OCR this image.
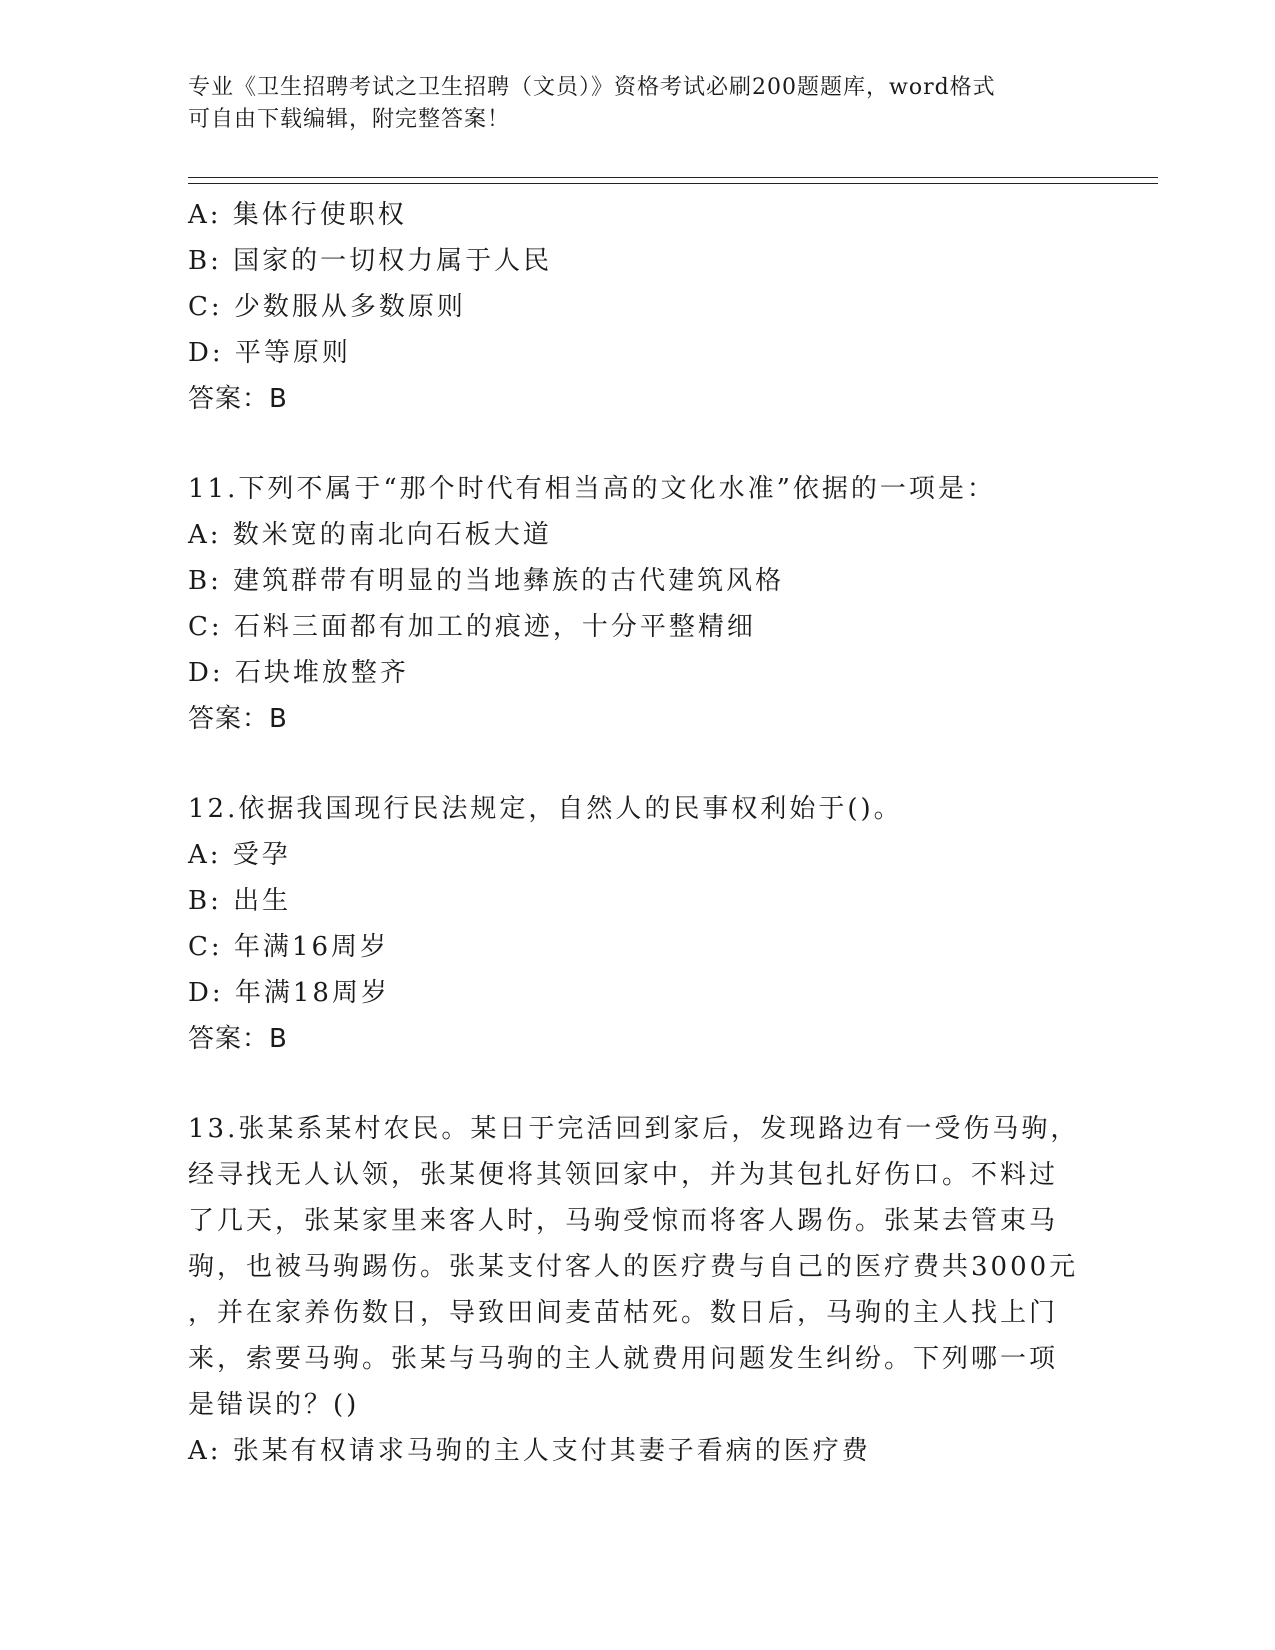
专业《卫生招聘考试之卫生招聘（文员）》资格考试必刷200题题库，word格式
可自由下载编辑，附完整答案！
A: 集体行使职权
B: 国家的一切权力属于人民
C: 少数服从多数原则
D: 平等原则
答案：B
11.下列不属于“那个时代有相当高的文化水准”依据的一项是：
A: 数米宽的南北向石板大道
B: 建筑群带有明显的当地彝族的古代建筑风格
C: 石料三面都有加工的痕迹，十分平整精细
D: 石块堆放整齐
答案：B
12.依据我国现行民法规定，自然人的民事权利始于()。
A: 受孕
B: 出生
C: 年满16周岁
D: 年满18周岁
答案：B
13.张某系某村农民。某日于完活回到家后，发现路边有一受伤马驹，
经寻找无人认领，张某便将其领回家中，并为其包扎好伤口。不料过
了几天，张某家里来客人时，马驹受惊而将客人踢伤。张某去管束马
驹，也被马驹踢伤。张某支付客人的医疗费与自己的医疗费共3000元
，并在家养伤数日，导致田间麦苗枯死。数日后，马驹的主人找上门
来，索要马驹。张某与马驹的主人就费用问题发生纠纷。下列哪一项
是错误的？()
A: 张某有权请求马驹的主人支付其妻子看病的医疗费
